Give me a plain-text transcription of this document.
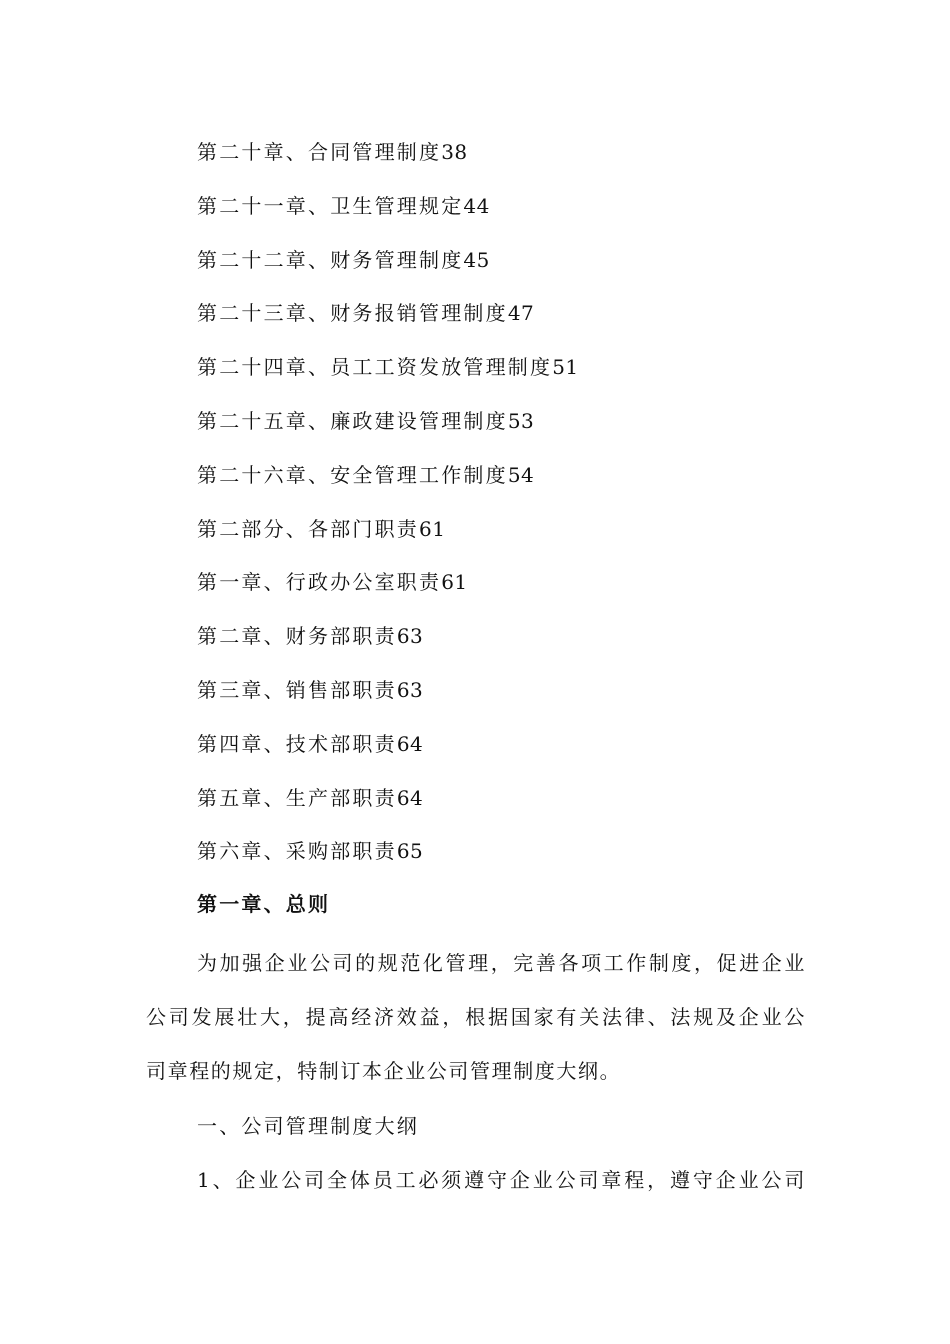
第二十章、合同管理制度38
第二十一章、卫生管理规定44
第二十二章、财务管理制度45
第二十三章、财务报销管理制度47
第二十四章、员工工资发放管理制度51
第二十五章、廉政建设管理制度53
第二十六章、安全管理工作制度54
第二部分、各部门职责61
第一章、行政办公室职责61
第二章、财务部职责63
第三章、销售部职责63
第四章、技术部职责64
第五章、生产部职责64
第六章、采购部职责65
第一章、总则

为加强企业公司的规范化管理，完善各项工作制度，促进企业
公司发展壮大，提高经济效益，根据国家有关法律、法规及企业公
司章程的规定，特制订本企业公司管理制度大纲。

一、公司管理制度大纲
1、企业公司全体员工必须遵守企业公司章程，遵守企业公司
